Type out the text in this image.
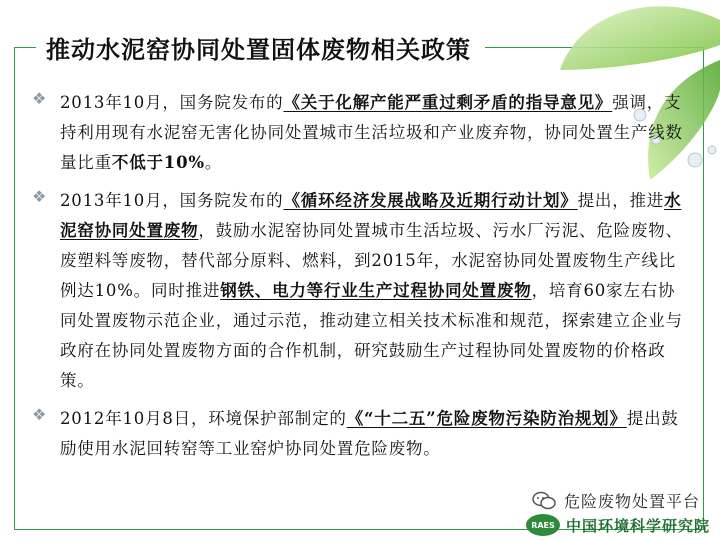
推动水泥窑协同处置固体废物相关政策
❖ 2013年10月，国务院发布的《关于化解产能严重过剩矛盾的指导意见》强调，支持利用现有水泥窑无害化协同处置城市生活垃圾和产业废弃物，协同处置生产线数量比重不低于10%。
❖ 2013年10月，国务院发布的《循环经济发展战略及近期行动计划》提出，推进水泥窑协同处置废物，鼓励水泥窑协同处置城市生活垃圾、污水厂污泥、危险废物、废塑料等废物，替代部分原料、燃料，到2015年，水泥窑协同处置废物生产线比例达10%。同时推进钢铁、电力等行业生产过程协同处置废物，培育60家左右协同处置废物示范企业，通过示范，推动建立相关技术标准和规范，探索建立企业与政府在协同处置废物方面的合作机制，研究鼓励生产过程协同处置废物的价格政策。
❖ 2012年10月8日，环境保护部制定的《“十二五”危险废物污染防治规划》提出鼓励使用水泥回转窑等工业窑炉协同处置危险废物。
危险废物处置平台
RAES 中国环境科学研究院
